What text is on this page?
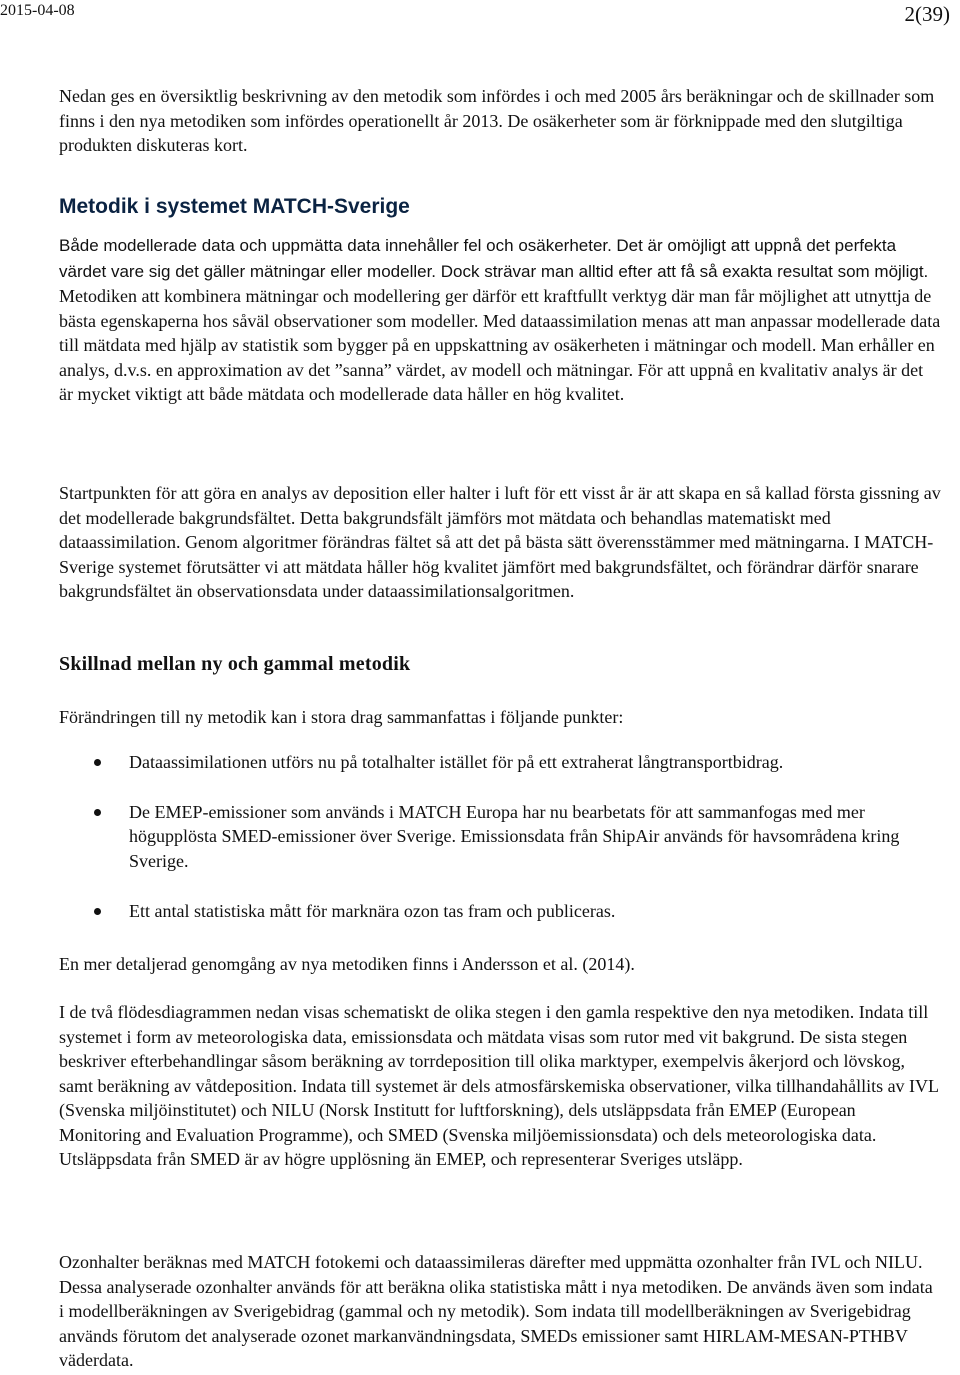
2015-04-08	2(39)

Nedan ges en översiktlig beskrivning av den metodik som infördes i och med 2005 års beräkningar och de skillnader som finns i den nya metodiken som infördes operationellt år 2013. De osäkerheter som är förknippade med den slutgiltiga produkten diskuteras kort.

Metodik i systemet MATCH-Sverige

Både modellerade data och uppmätta data innehåller fel och osäkerheter. Det är omöjligt att uppnå det perfekta värdet vare sig det gäller mätningar eller modeller. Dock strävar man alltid efter att få så exakta resultat som möjligt. Metodiken att kombinera mätningar och modellering ger därför ett kraftfullt verktyg där man får möjlighet att utnyttja de bästa egenskaperna hos såväl observationer som modeller. Med dataassimilation menas att man anpassar modellerade data till mätdata med hjälp av statistik som bygger på en uppskattning av osäkerheten i mätningar och modell. Man erhåller en analys, d.v.s. en approximation av det ”sanna” värdet, av modell och mätningar. För att uppnå en kvalitativ analys är det är mycket viktigt att både mätdata och modellerade data håller en hög kvalitet.

Startpunkten för att göra en analys av deposition eller halter i luft för ett visst år är att skapa en så kallad första gissning av det modellerade bakgrundsfältet. Detta bakgrundsfält jämförs mot mätdata och behandlas matematiskt med dataassimilation. Genom algoritmer förändras fältet så att det på bästa sätt överensstämmer med mätningarna. I MATCH-Sverige systemet förutsätter vi att mätdata håller hög kvalitet jämfört med bakgrundsfältet, och förändrar därför snarare bakgrundsfältet än observationsdata under dataassimilationsalgoritmen.

Skillnad mellan ny och gammal metodik

Förändringen till ny metodik kan i stora drag sammanfattas i följande punkter:

Dataassimilationen utförs nu på totalhalter istället för på ett extraherat långtransportbidrag.
De EMEP-emissioner som används i MATCH Europa har nu bearbetats för att sammanfogas med mer högupplösta SMED-emissioner över Sverige. Emissionsdata från ShipAir används för havsområdena kring Sverige.
Ett antal statistiska mått för marknära ozon tas fram och publiceras.

En mer detaljerad genomgång av nya metodiken finns i Andersson et al. (2014).

I de två flödesdiagrammen nedan visas schematiskt de olika stegen i den gamla respektive den nya metodiken. Indata till systemet i form av meteorologiska data, emissionsdata och mätdata visas som rutor med vit bakgrund. De sista stegen beskriver efterbehandlingar såsom beräkning av torrdeposition till olika marktyper, exempelvis åkerjord och lövskog, samt beräkning av våtdeposition. Indata till systemet är dels atmosfärskemiska observationer, vilka tillhandahållits av IVL (Svenska miljöinstitutet) och NILU (Norsk Institutt for luftforskning), dels utsläppsdata från EMEP (European Monitoring and Evaluation Programme), och SMED (Svenska miljöemissionsdata) och dels meteorologiska data. Utsläppsdata från SMED är av högre upplösning än EMEP, och representerar Sveriges utsläpp.

Ozonhalter beräknas med MATCH fotokemi och dataassimileras därefter med uppmätta ozonhalter från IVL och NILU. Dessa analyserade ozonhalter används för att beräkna olika statistiska mått i nya metodiken. De används även som indata i modellberäkningen av Sverigebidrag (gammal och ny metodik). Som indata till modellberäkningen av Sverigebidrag används förutom det analyserade ozonet markanvändningsdata, SMEDs emissioner samt HIRLAM-MESAN-PTHBV väderdata.
